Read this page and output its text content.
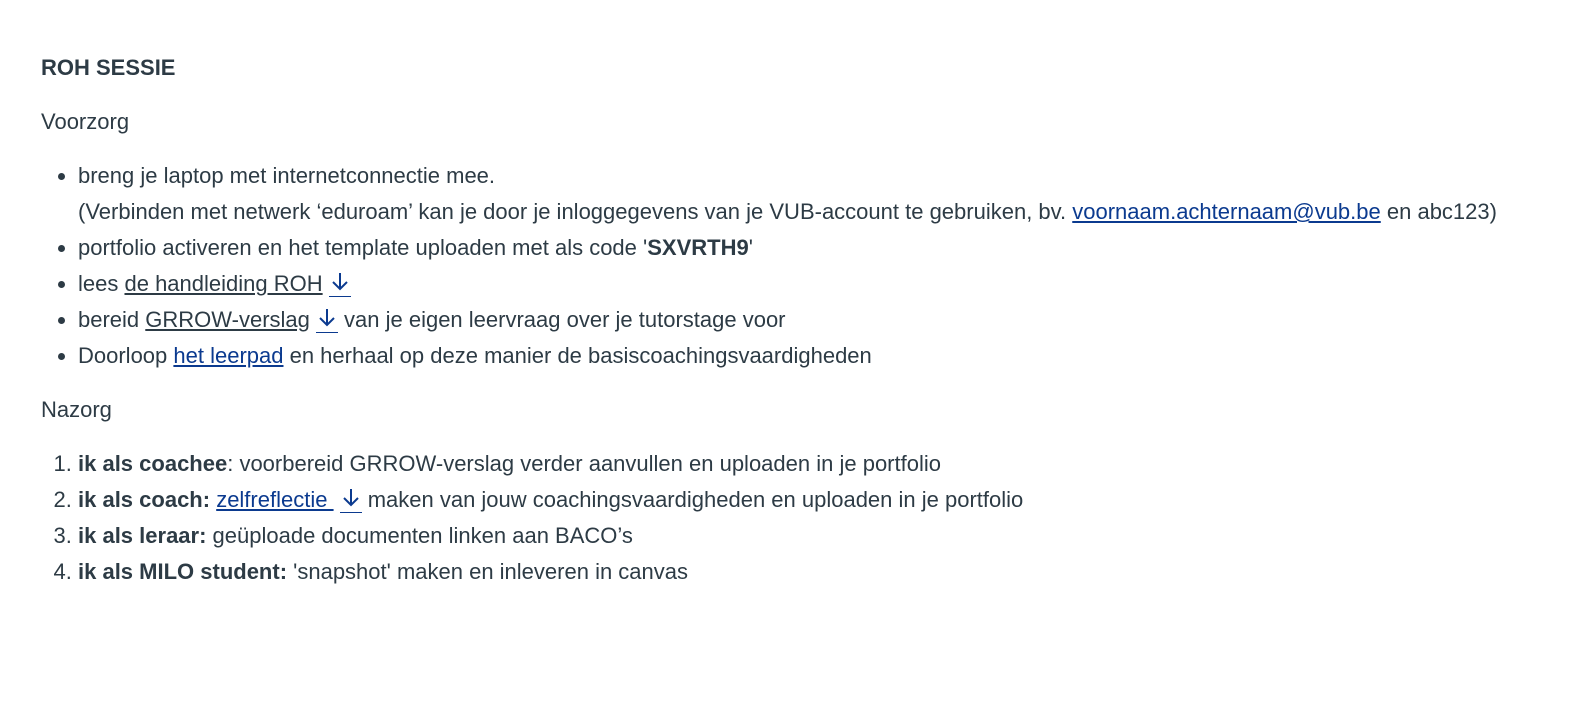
ROH SESSIE
Voorzorg
• breng je laptop met internetconnectie mee.
(Verbinden met netwerk ‘eduroam’ kan je door je inloggegevens van je VUB-account te gebruiken, bv. voornaam.achternaam@vub.be en abc123)
• portfolio activeren en het template uploaden met als code 'SXVRTH9'
• lees de handleiding ROH
• bereid GRROW-verslag van je eigen leervraag over je tutorstage voor
• Doorloop het leerpad en herhaal op deze manier de basiscoachingsvaardigheden
Nazorg
1. ik als coachee: voorbereid GRROW-verslag verder aanvullen en uploaden in je portfolio
2. ik als coach: zelfreflectie  maken van jouw coachingsvaardigheden en uploaden in je portfolio
3. ik als leraar: geüploade documenten linken aan BACO’s
4. ik als MILO student: 'snapshot' maken en inleveren in canvas
